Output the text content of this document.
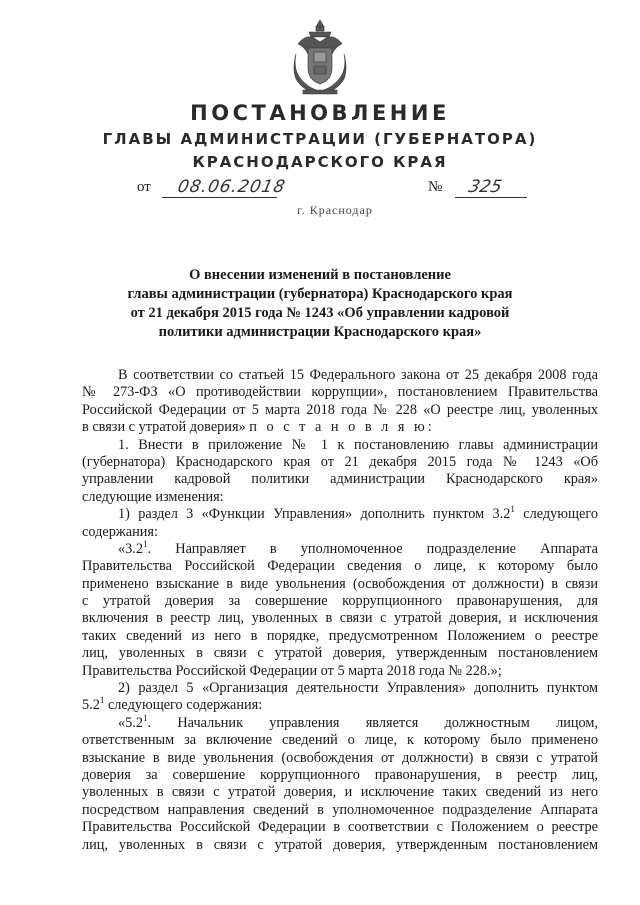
ПОСТАНОВЛЕНИЕ
ГЛАВЫ АДМИНИСТРАЦИИ (ГУБЕРНАТОРА)
КРАСНОДАРСКОГО КРАЯ
от 08.06.2018	№ 325
г. Краснодар
О внесении изменений в постановление
главы администрации (губернатора) Краснодарского края
от 21 декабря 2015 года № 1243 «Об управлении кадровой
политики администрации Краснодарского края»
В соответствии со статьей 15 Федерального закона от 25 декабря 2008 года
№ 273-ФЗ «О противодействии коррупции», постановлением Правительства
Российской Федерации от 5 марта 2018 года № 228 «О реестре лиц, уволенных
в связи с утратой доверия» п о с т а н о в л я ю:
1. Внести в приложение № 1 к постановлению главы администрации
(губернатора) Краснодарского края от 21 декабря 2015 года № 1243 «Об
управлении кадровой политики администрации Краснодарского края»
следующие изменения:
1) раздел 3 «Функции Управления» дополнить пунктом $3.2^1$ следующего
содержания:
«$3.2^1$. Направляет в уполномоченное подразделение Аппарата
Правительства Российской Федерации сведения о лице, к которому было
применено взыскание в виде увольнения (освобождения от должности) в связи
с утратой доверия за совершение коррупционного правонарушения, для
включения в реестр лиц, уволенных в связи с утратой доверия, и исключения
таких сведений из него в порядке, предусмотренном Положением о реестре
лиц, уволенных в связи с утратой доверия, утвержденным постановлением
Правительства Российской Федерации от 5 марта 2018 года № 228.»;
2) раздел 5 «Организация деятельности Управления» дополнить пунктом
$5.2^1$ следующего содержания:
«$5.2^1$. Начальник управления является должностным лицом,
ответственным за включение сведений о лице, к которому было применено
взыскание в виде увольнения (освобождения от должности) в связи с утратой
доверия за совершение коррупционного правонарушения, в реестр лиц,
уволенных в связи с утратой доверия, и исключение таких сведений из него
посредством направления сведений в уполномоченное подразделение Аппарата
Правительства Российской Федерации в соответствии с Положением о реестре
лиц, уволенных в связи с утратой доверия, утвержденным постановлением
